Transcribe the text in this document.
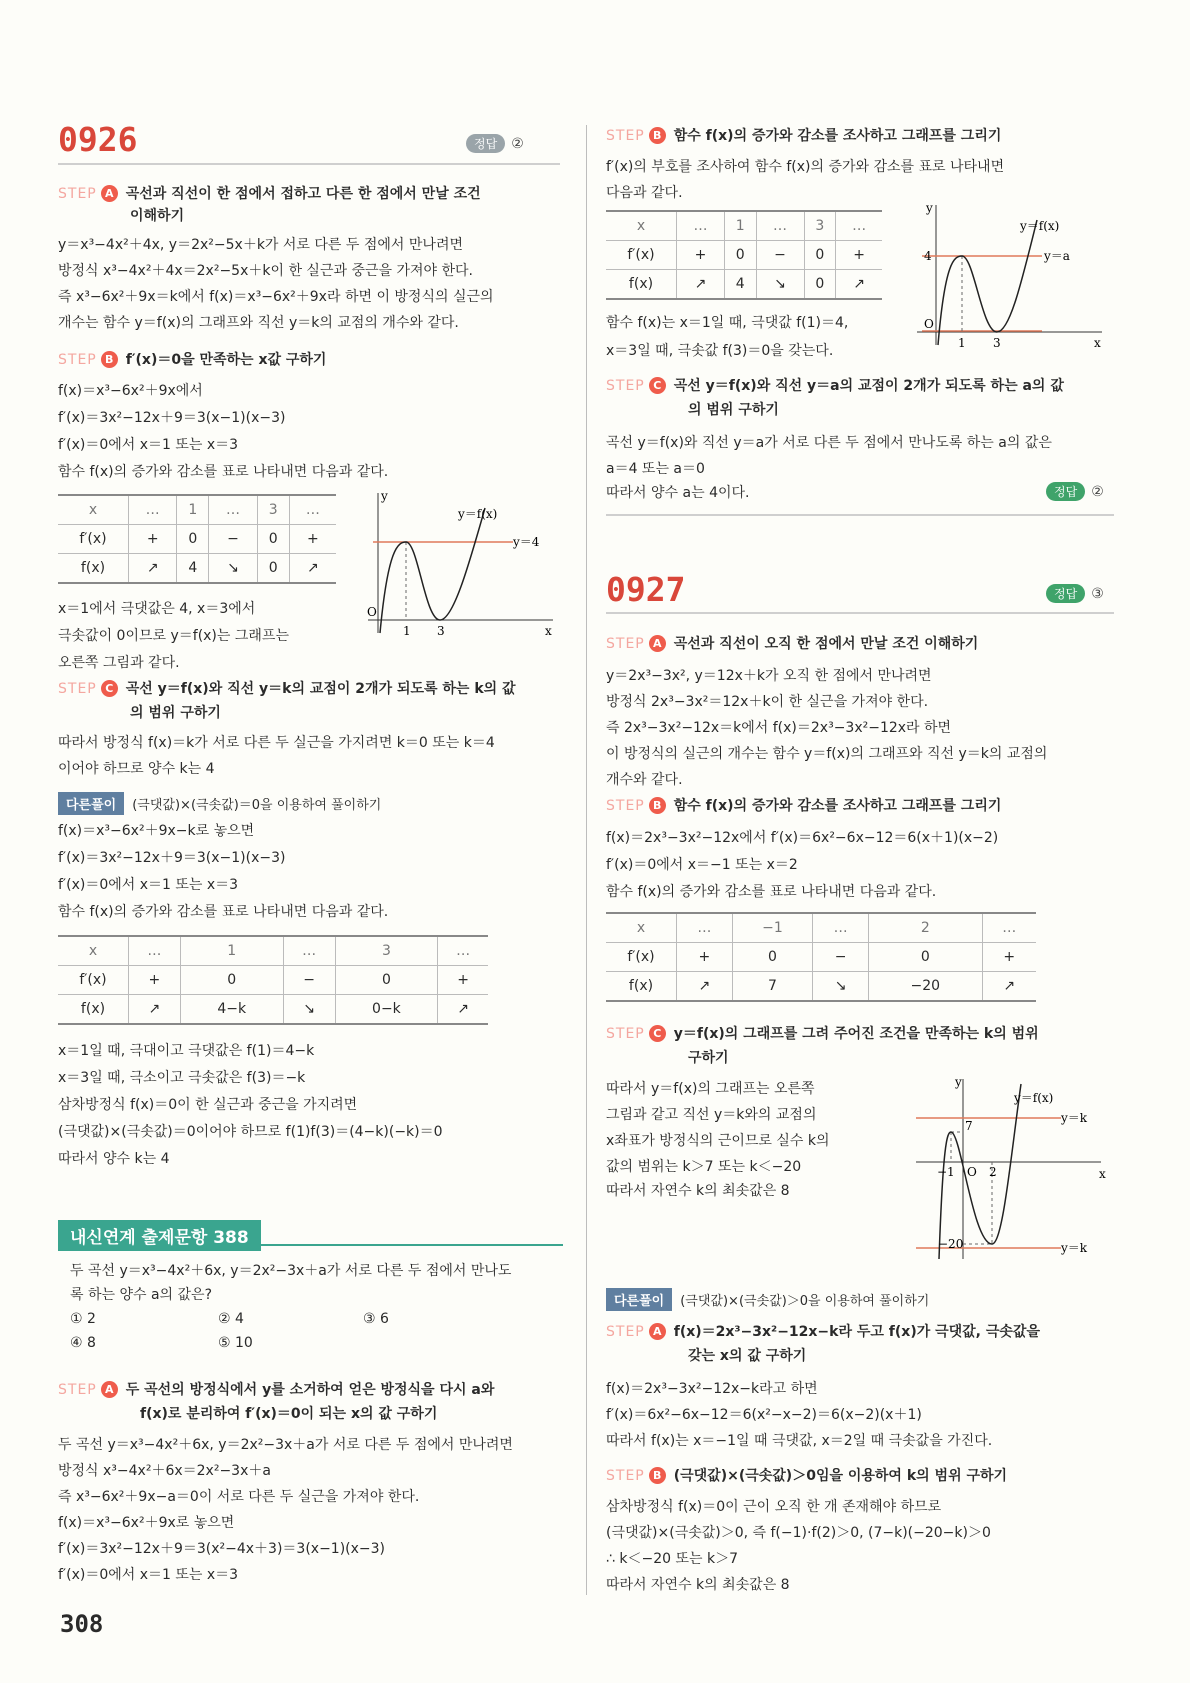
0926	정답 ②
STEP A 곡선과 직선이 한 점에서 접하고 다른 한 점에서 만날 조건
이해하기
y＝x³−4x²＋4x, y＝2x²−5x＋k가 서로 다른 두 점에서 만나려면
방정식 x³−4x²＋4x＝2x²−5x＋k이 한 실근과 중근을 가져야 한다.
즉 x³−6x²＋9x＝k에서 f(x)＝x³−6x²＋9x라 하면 이 방정식의 실근의
개수는 함수 y＝f(x)의 그래프와 직선 y＝k의 교점의 개수와 같다.
STEP B f′(x)＝0을 만족하는 x값 구하기
f(x)＝x³−6x²＋9x에서
f′(x)＝3x²−12x＋9＝3(x−1)(x−3)
f′(x)＝0에서 x＝1 또는 x＝3
함수 f(x)의 증가와 감소를 표로 나타내면 다음과 같다.
x	…	1	…	3	…
f′(x)	+	0	−	0	+
f(x)	↗	4	↘	0	↗
y
x
O
1 3
y＝f(x)
y＝4
x＝1에서 극댓값은 4, x＝3에서
극솟값이 0이므로 y＝f(x)는 그래프는
오른쪽 그림과 같다.
STEP C 곡선 y＝f(x)와 직선 y＝k의 교점이 2개가 되도록 하는 k의 값
의 범위 구하기
따라서 방정식 f(x)＝k가 서로 다른 두 실근을 가지려면 k＝0 또는 k＝4
이어야 하므로 양수 k는 4
다른풀이 (극댓값)×(극솟값)＝0을 이용하여 풀이하기
f(x)＝x³−6x²＋9x−k로 놓으면
f′(x)＝3x²−12x＋9＝3(x−1)(x−3)
f′(x)＝0에서 x＝1 또는 x＝3
함수 f(x)의 증가와 감소를 표로 나타내면 다음과 같다.
x	…	1	…	3	…
f′(x)	+	0	−	0	+
f(x)	↗	4−k	↘	0−k	↗
x＝1일 때, 극대이고 극댓값은 f(1)＝4−k
x＝3일 때, 극소이고 극솟값은 f(3)＝−k
삼차방정식 f(x)＝0이 한 실근과 중근을 가지려면
(극댓값)×(극솟값)＝0이어야 하므로 f(1)f(3)＝(4−k)(−k)＝0
따라서 양수 k는 4
내신연계 출제문항 388
두 곡선 y＝x³−4x²＋6x, y＝2x²−3x＋a가 서로 다른 두 점에서 만나도
록 하는 양수 a의 값은?
① 2	② 4	③ 6
④ 8	⑤ 10
STEP A 두 곡선의 방정식에서 y를 소거하여 얻은 방정식을 다시 a와
f(x)로 분리하여 f′(x)＝0이 되는 x의 값 구하기
두 곡선 y＝x³−4x²＋6x, y＝2x²−3x＋a가 서로 다른 두 점에서 만나려면
방정식 x³−4x²＋6x＝2x²−3x＋a
즉 x³−6x²＋9x−a＝0이 서로 다른 두 실근을 가져야 한다.
f(x)＝x³−6x²＋9x로 놓으면
f′(x)＝3x²−12x＋9＝3(x²−4x＋3)＝3(x−1)(x−3)
f′(x)＝0에서 x＝1 또는 x＝3
308
STEP B 함수 f(x)의 증가와 감소를 조사하고 그래프를 그리기
f′(x)의 부호를 조사하여 함수 f(x)의 증가와 감소를 표로 나타내면
다음과 같다.
x	…	1	…	3	…
f′(x)	+	0	−	0	+
f(x)	↗	4	↘	0	↗
y
x
O
4
1 3
y＝f(x)
y＝a
함수 f(x)는 x＝1일 때, 극댓값 f(1)＝4,
x＝3일 때, 극솟값 f(3)＝0을 갖는다.
STEP C 곡선 y＝f(x)와 직선 y＝a의 교점이 2개가 되도록 하는 a의 값
의 범위 구하기
곡선 y＝f(x)와 직선 y＝a가 서로 다른 두 점에서 만나도록 하는 a의 값은
a＝4 또는 a＝0
따라서 양수 a는 4이다.	정답 ②
0927	정답 ③
STEP A 곡선과 직선이 오직 한 점에서 만날 조건 이해하기
y＝2x³−3x², y＝12x＋k가 오직 한 점에서 만나려면
방정식 2x³−3x²＝12x＋k이 한 실근을 가져야 한다.
즉 2x³−3x²−12x＝k에서 f(x)＝2x³−3x²−12x라 하면
이 방정식의 실근의 개수는 함수 y＝f(x)의 그래프와 직선 y＝k의 교점의
개수와 같다.
STEP B 함수 f(x)의 증가와 감소를 조사하고 그래프를 그리기
f(x)＝2x³−3x²−12x에서 f′(x)＝6x²−6x−12＝6(x＋1)(x−2)
f′(x)＝0에서 x＝−1 또는 x＝2
함수 f(x)의 증가와 감소를 표로 나타내면 다음과 같다.
x	…	−1	…	2	…
f′(x)	+	0	−	0	+
f(x)	↗	7	↘	−20	↗
STEP C y＝f(x)의 그래프를 그려 주어진 조건을 만족하는 k의 범위
구하기
따라서 y＝f(x)의 그래프는 오른쪽
그림과 같고 직선 y＝k와의 교점의
x좌표가 방정식의 근이므로 실수 k의
값의 범위는 k＞7 또는 k＜−20
따라서 자연수 k의 최솟값은 8
y
x
O
7
−1	2
−20
y＝f(x)
y＝k
y＝k
다른풀이 (극댓값)×(극솟값)＞0을 이용하여 풀이하기
STEP A f(x)＝2x³−3x²−12x−k라 두고 f(x)가 극댓값, 극솟값을
갖는 x의 값 구하기
f(x)＝2x³−3x²−12x−k라고 하면
f′(x)＝6x²−6x−12＝6(x²−x−2)＝6(x−2)(x＋1)
따라서 f(x)는 x＝−1일 때 극댓값, x＝2일 때 극솟값을 가진다.
STEP B (극댓값)×(극솟값)＞0임을 이용하여 k의 범위 구하기
삼차방정식 f(x)＝0이 근이 오직 한 개 존재해야 하므로
(극댓값)×(극솟값)＞0, 즉 f(−1)·f(2)＞0, (7−k)(−20−k)＞0
∴ k＜−20 또는 k＞7
따라서 자연수 k의 최솟값은 8
